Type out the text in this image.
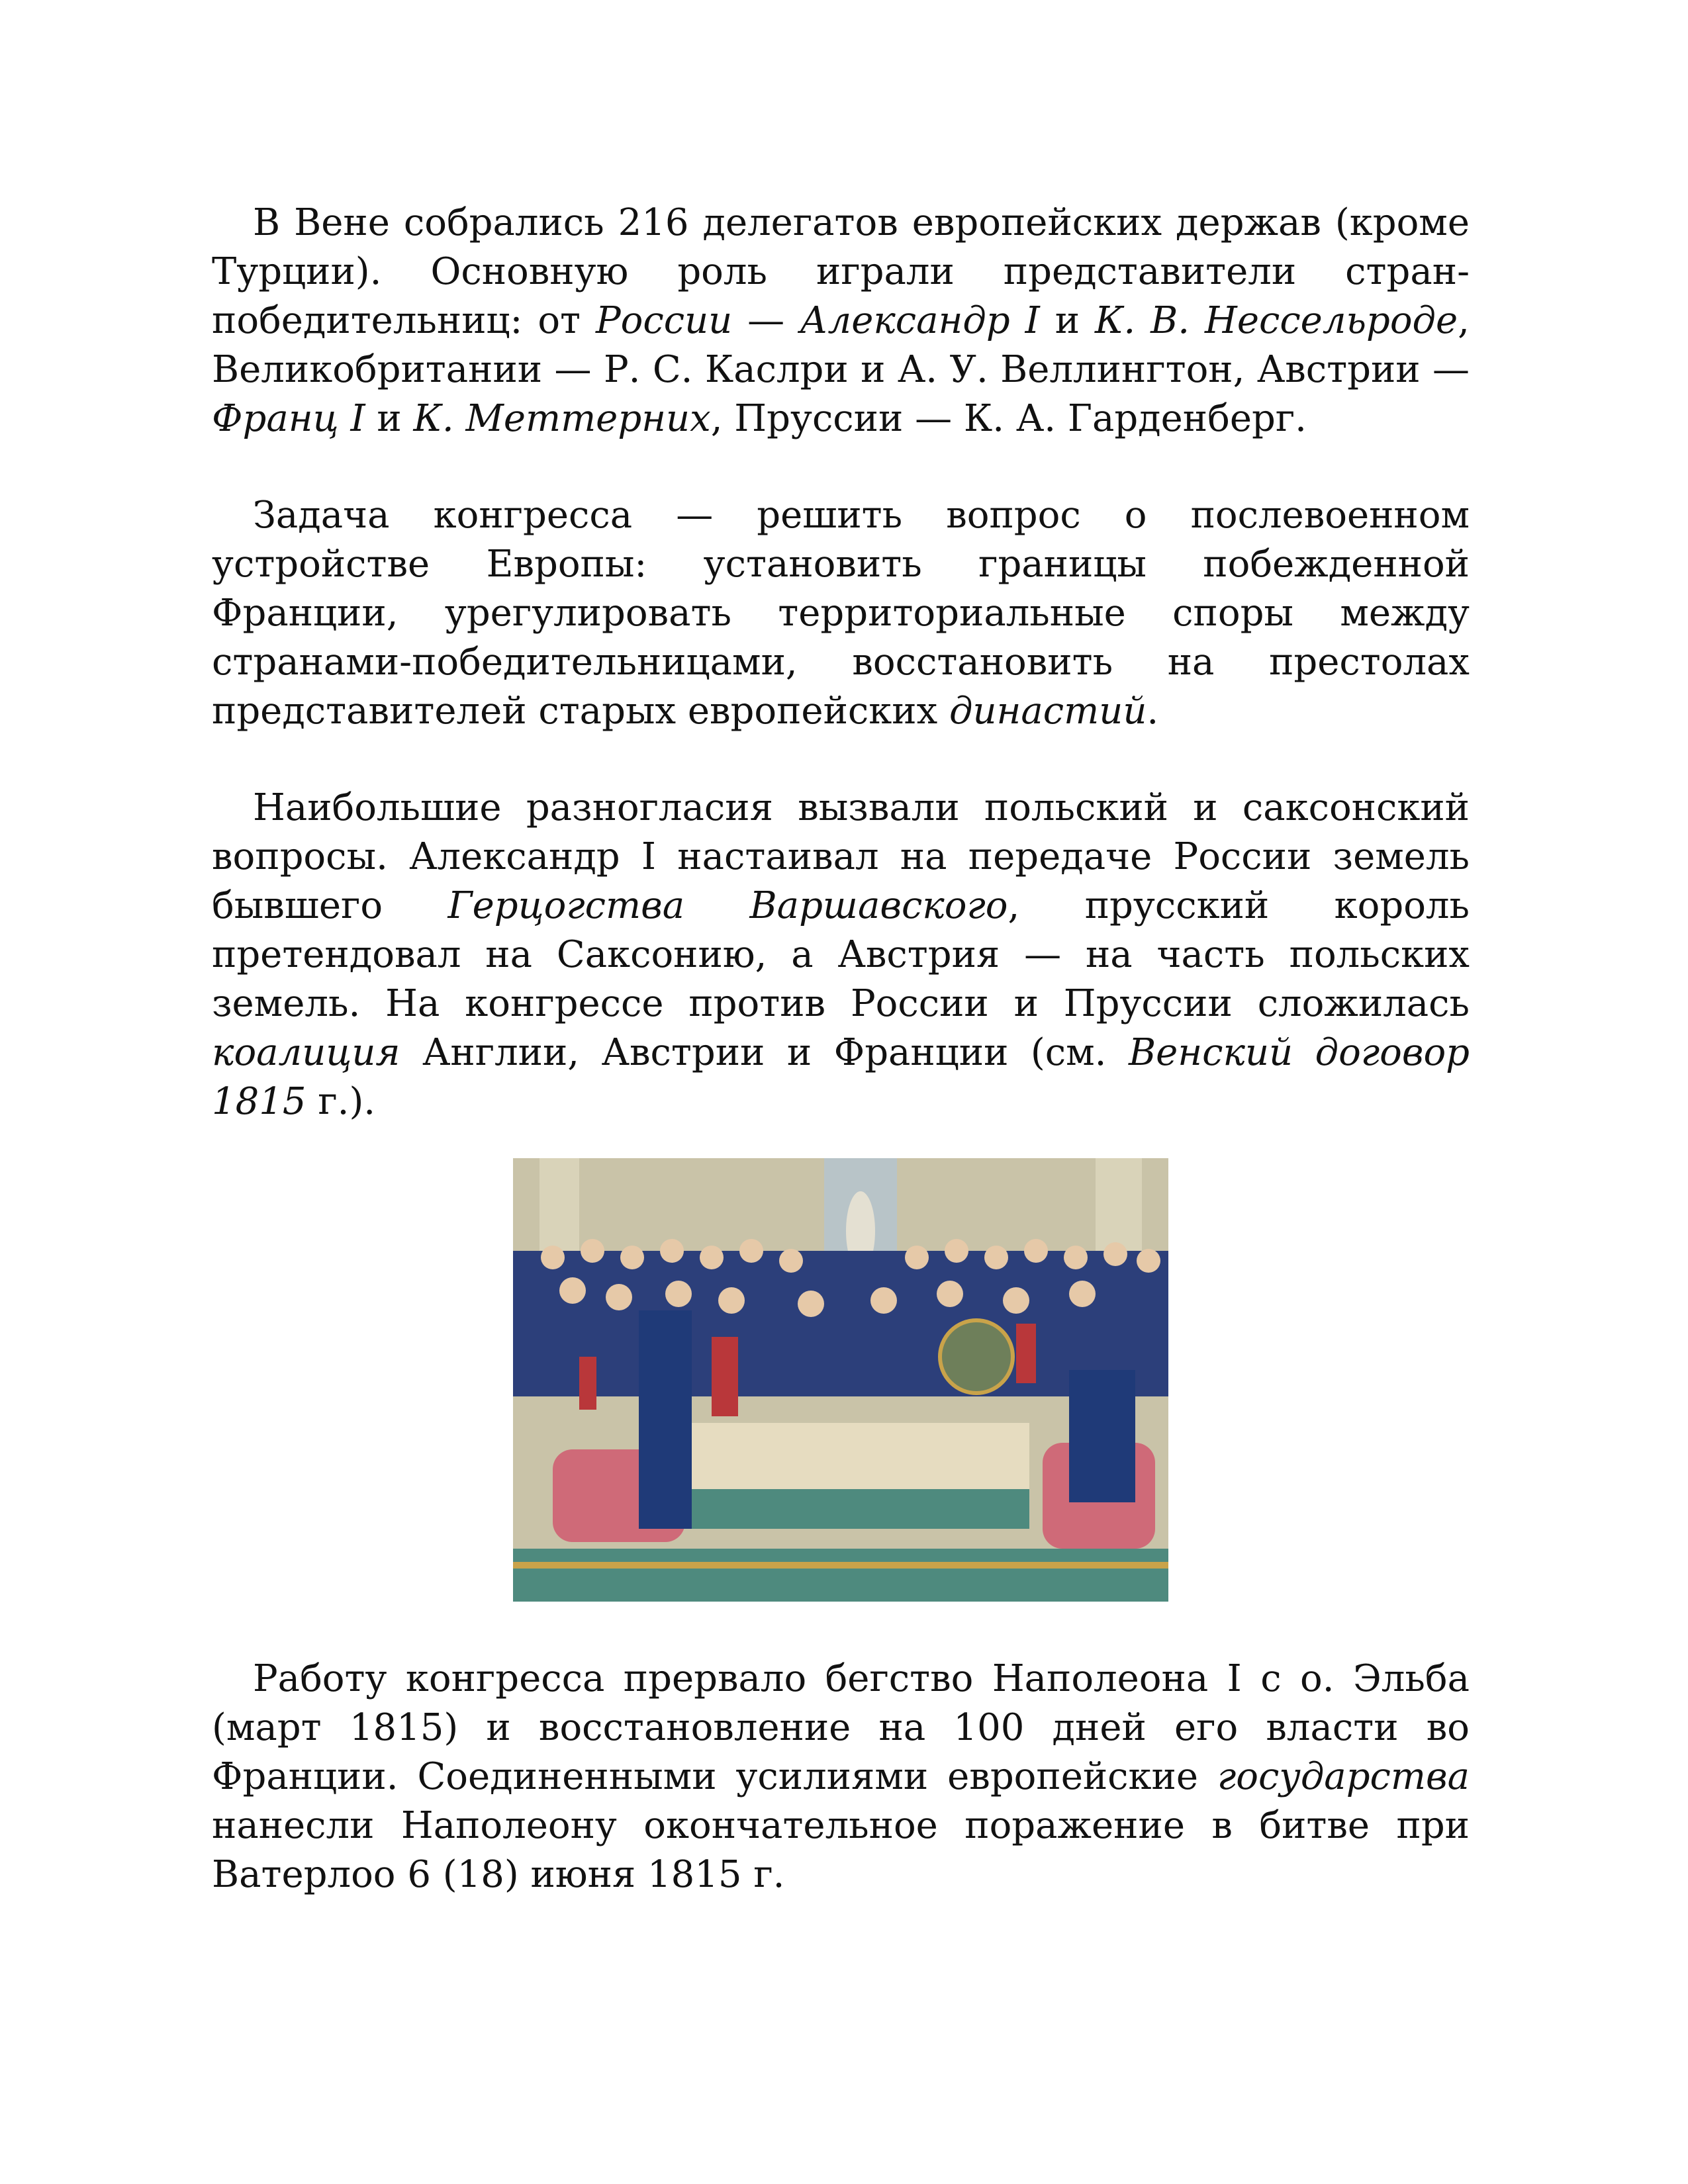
В Вене собрались 216 делегатов европейских держав (кроме Турции). Основную роль играли представители стран-победительниц: от России — Александр I и К. В. Нессельроде, Великобритании — Р. С. Каслри и А. У. Веллингтон, Австрии — Франц I и К. Меттерних, Пруссии — К. А. Гарденберг.

Задача конгресса — решить вопрос о послевоенном устройстве Европы: установить границы побежденной Франции, урегулировать территориальные споры между странами-победительницами, восстановить на престолах представителей старых европейских династий.

Наибольшие разногласия вызвали польский и саксонский вопросы. Александр I настаивал на передаче России земель бывшего Герцогства Варшавского, прусский король претендовал на Саксонию, а Австрия — на часть польских земель. На конгрессе против России и Пруссии сложилась коалиция Англии, Австрии и Франции (см. Венский договор 1815 г.).

Работу конгресса прервало бегство Наполеона I с о. Эльба (март 1815) и восстановление на 100 дней его власти во Франции. Соединенными усилиями европейские государства нанесли Наполеону окончательное поражение в битве при Ватерлоо 6 (18) июня 1815 г.
